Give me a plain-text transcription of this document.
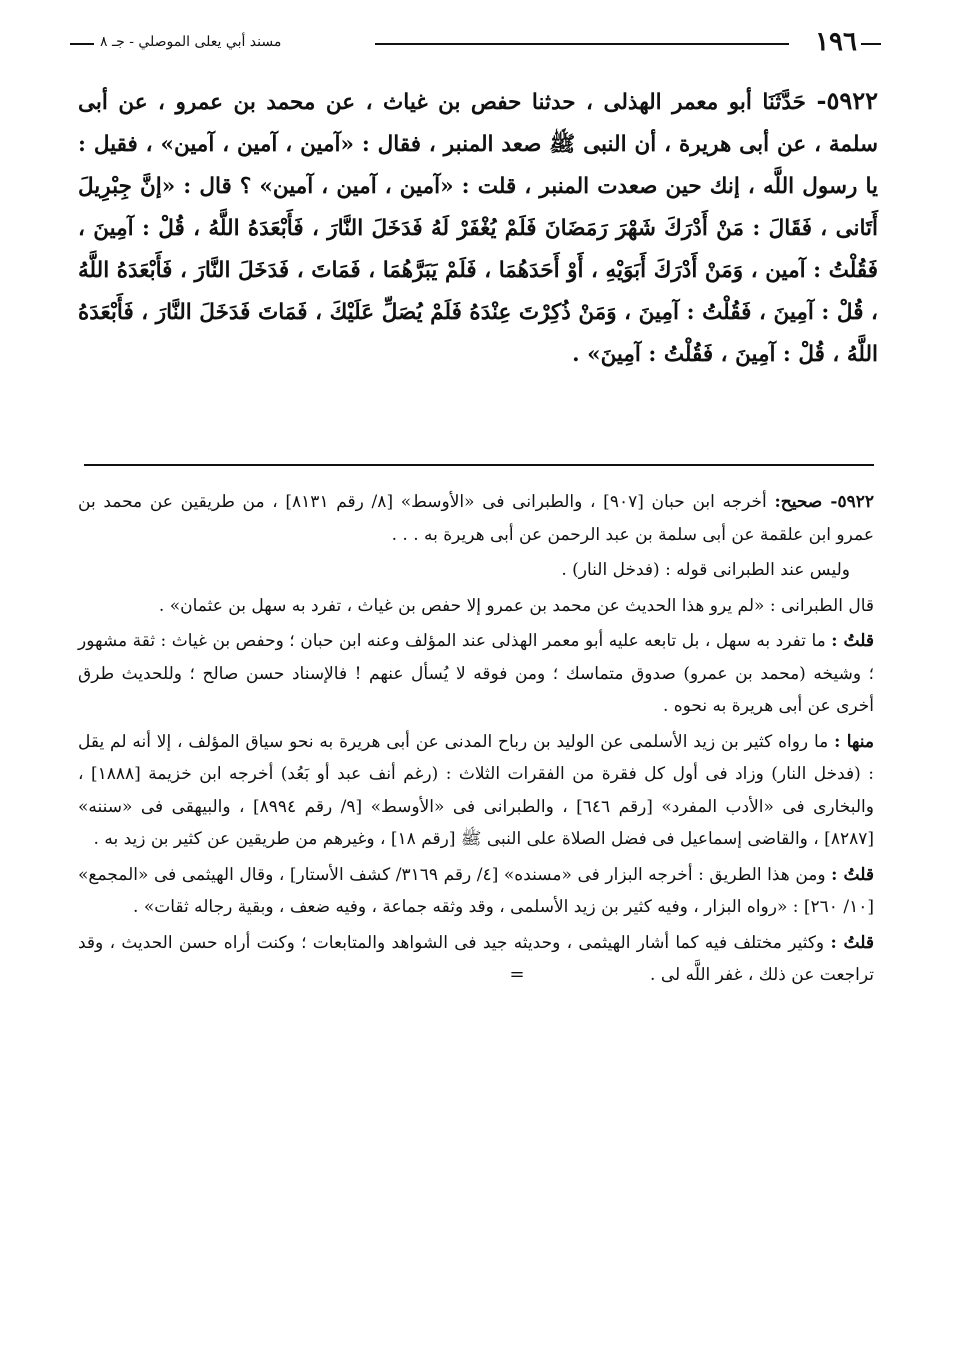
١٩٦
مسند أبي يعلى الموصلي - جـ ٨

٥٩٢٢- حَدَّثَنَا أبو معمر الهذلى ، حدثنا حفص بن غياث ، عن محمد بن عمرو ، عن أبى سلمة ، عن أبى هريرة ، أن النبى ﷺ صعد المنبر ، فقال : «آمين ، آمين ، آمين» ، فقيل : يا رسول اللَّه ، إنك حين صعدت المنبر ، قلت : «آمين ، آمين ، آمين» ؟ قال : «إنَّ جِبْرِيلَ أَتَانى ، فَقَالَ : مَنْ أَدْرَكَ شَهْرَ رَمَضَانَ فَلَمْ يُغْفَرْ لَهُ فَدَخَلَ النَّارَ ، فَأَبْعَدَهُ اللَّهُ ، قُلْ : آمِينَ ، فَقُلْتُ : آمين ، وَمَنْ أَدْرَكَ أَبَوَيْهِ ، أَوْ أَحَدَهُمَا ، فَلَمْ يَبَرَّهُمَا ، فَمَاتَ ، فَدَخَلَ النَّارَ ، فَأَبْعَدَهُ اللَّهُ ، قُلْ : آمِينَ ، فَقُلْتُ : آمِينَ ، وَمَنْ ذُكِرْتَ عِنْدَهُ فَلَمْ يُصَلِّ عَلَيْكَ ، فَمَاتَ فَدَخَلَ النَّارَ ، فَأَبْعَدَهُ اللَّهُ ، قُلْ : آمِينَ ، فَقُلْتُ : آمِينَ» .

٥٩٢٢- صحيح: أخرجه ابن حبان [٩٠٧] ، والطبرانى فى «الأوسط» [٨/ رقم ٨١٣١] ، من طريقين عن محمد بن عمرو ابن علقمة عن أبى سلمة بن عبد الرحمن عن أبى هريرة به . . .

وليس عند الطبرانى قوله : (فدخل النار) .

قال الطبرانى : «لم يرو هذا الحديث عن محمد بن عمرو إلا حفص بن غياث ، تفرد به سهل بن عثمان» .

قلتُ : ما تفرد به سهل ، بل تابعه عليه أبو معمر الهذلى عند المؤلف وعنه ابن حبان ؛ وحفص بن غياث : ثقة مشهور ؛ وشيخه (محمد بن عمرو) صدوق متماسك ؛ ومن فوقه لا يُسأل عنهم ! فالإسناد حسن صالح ؛ وللحديث طرق أخرى عن أبى هريرة به نحوه .

منها : ما رواه كثير بن زيد الأسلمى عن الوليد بن رباح المدنى عن أبى هريرة به نحو سياق المؤلف ، إلا أنه لم يقل : (فدخل النار) وزاد فى أول كل فقرة من الفقرات الثلاث : (رغم أنف عبد أو بَعُد) أخرجه ابن خزيمة [١٨٨٨] ، والبخارى فى «الأدب المفرد» [رقم ٦٤٦] ، والطبرانى فى «الأوسط» [٩/ رقم ٨٩٩٤] ، والبيهقى فى «سننه» [٨٢٨٧] ، والقاضى إسماعيل فى فضل الصلاة على النبى ﷺ [رقم ١٨] ، وغيرهم من طريقين عن كثير بن زيد به .

قلتُ : ومن هذا الطريق : أخرجه البزار فى «مسنده» [٤/ رقم ٣١٦٩/ كشف الأستار] ، وقال الهيثمى فى «المجمع» [١٠/ ٢٦٠] : «رواه البزار ، وفيه كثير بن زيد الأسلمى ، وقد وثقه جماعة ، وفيه ضعف ، وبقية رجاله ثقات» .

قلتُ : وكثير مختلف فيه كما أشار الهيثمى ، وحديثه جيد فى الشواهد والمتابعات ؛ وكنت أراه حسن الحديث ، وقد تراجعت عن ذلك ، غفر اللَّه لى . =
